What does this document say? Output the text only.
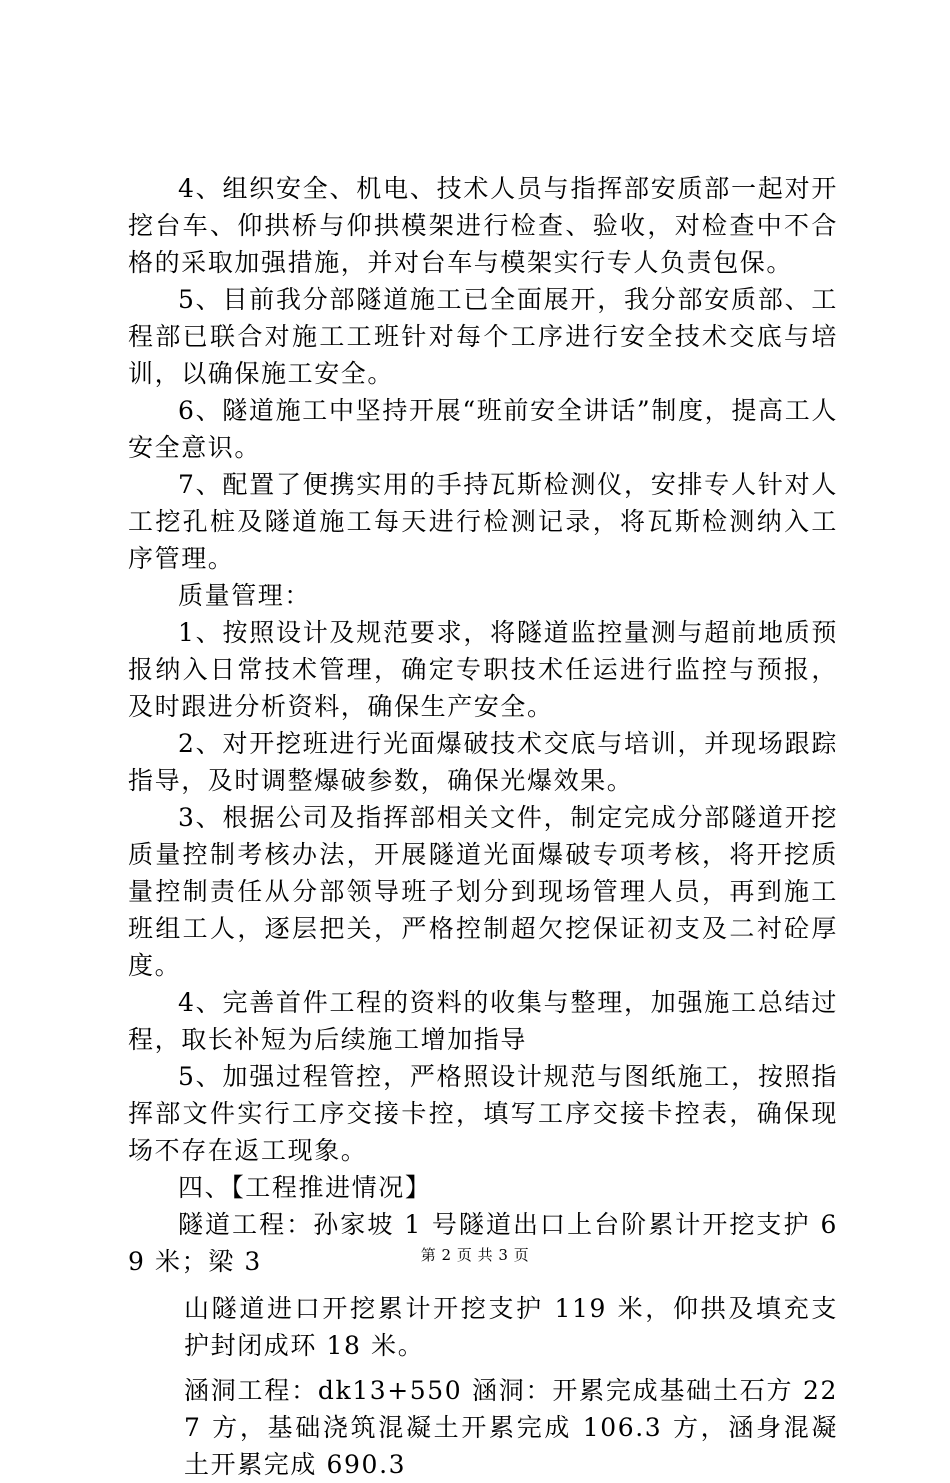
4、组织安全、机电、技术人员与指挥部安质部一起对开挖台车、仰拱桥与仰拱模架进行检查、验收，对检查中不合格的采取加强措施，并对台车与模架实行专人负责包保。

5、目前我分部隧道施工已全面展开，我分部安质部、工程部已联合对施工工班针对每个工序进行安全技术交底与培训，以确保施工安全。

6、隧道施工中坚持开展“班前安全讲话”制度，提高工人安全意识。

7、配置了便携实用的手持瓦斯检测仪，安排专人针对人工挖孔桩及隧道施工每天进行检测记录，将瓦斯检测纳入工序管理。

质量管理：

1、按照设计及规范要求，将隧道监控量测与超前地质预报纳入日常技术管理，确定专职技术任运进行监控与预报，及时跟进分析资料，确保生产安全。

2、对开挖班进行光面爆破技术交底与培训，并现场跟踪指导，及时调整爆破参数，确保光爆效果。

3、根据公司及指挥部相关文件，制定完成分部隧道开挖质量控制考核办法，开展隧道光面爆破专项考核，将开挖质量控制责任从分部领导班子划分到现场管理人员，再到施工班组工人，逐层把关，严格控制超欠挖保证初支及二衬砼厚度。

4、完善首件工程的资料的收集与整理，加强施工总结过程，取长补短为后续施工增加指导

5、加强过程管控，严格照设计规范与图纸施工，按照指挥部文件实行工序交接卡控，填写工序交接卡控表，确保现场不存在返工现象。

四、【工程推进情况】

隧道工程：孙家坡 1 号隧道出口上台阶累计开挖支护 69 米；梁 3

山隧道进口开挖累计开挖支护 119 米，仰拱及填充支护封闭成环 18 米。

涵洞工程：dk13+550 涵洞：开累完成基础土石方 227 方，基础浇筑混凝土开累完成 106.3 方，涵身混凝土开累完成 690.3

第 2 页 共 3 页
